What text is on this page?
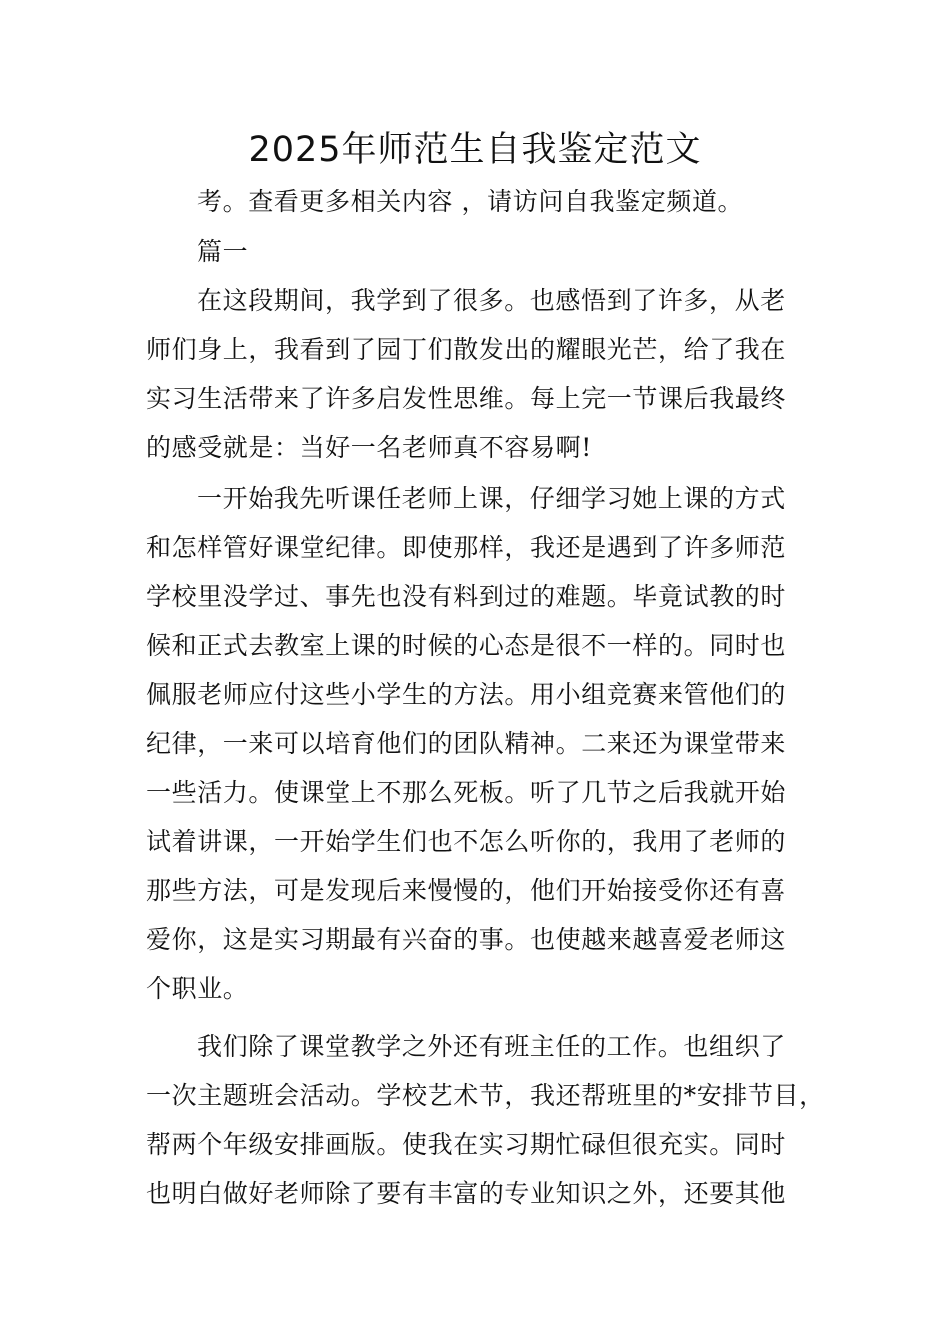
2025年师范生自我鉴定范文
考。查看更多相关内容 ，请访问自我鉴定频道。
篇一
在这段期间，我学到了很多。也感悟到了许多，从老
师们身上，我看到了园丁们散发出的耀眼光芒，给了我在
实习生活带来了许多启发性思维。每上完一节课后我最终
的感受就是：当好一名老师真不容易啊!
一开始我先听课任老师上课，仔细学习她上课的方式
和怎样管好课堂纪律。即使那样，我还是遇到了许多师范
学校里没学过、事先也没有料到过的难题。毕竟试教的时
候和正式去教室上课的时候的心态是很不一样的。同时也
佩服老师应付这些小学生的方法。用小组竞赛来管他们的
纪律，一来可以培育他们的团队精神。二来还为课堂带来
一些活力。使课堂上不那么死板。听了几节之后我就开始
试着讲课，一开始学生们也不怎么听你的，我用了老师的
那些方法，可是发现后来慢慢的，他们开始接受你还有喜
爱你，这是实习期最有兴奋的事。也使越来越喜爱老师这
个职业。
我们除了课堂教学之外还有班主任的工作。也组织了
一次主题班会活动。学校艺术节，我还帮班里的*安排节目，
帮两个年级安排画版。使我在实习期忙碌但很充实。同时
也明白做好老师除了要有丰富的专业知识之外，还要其他
